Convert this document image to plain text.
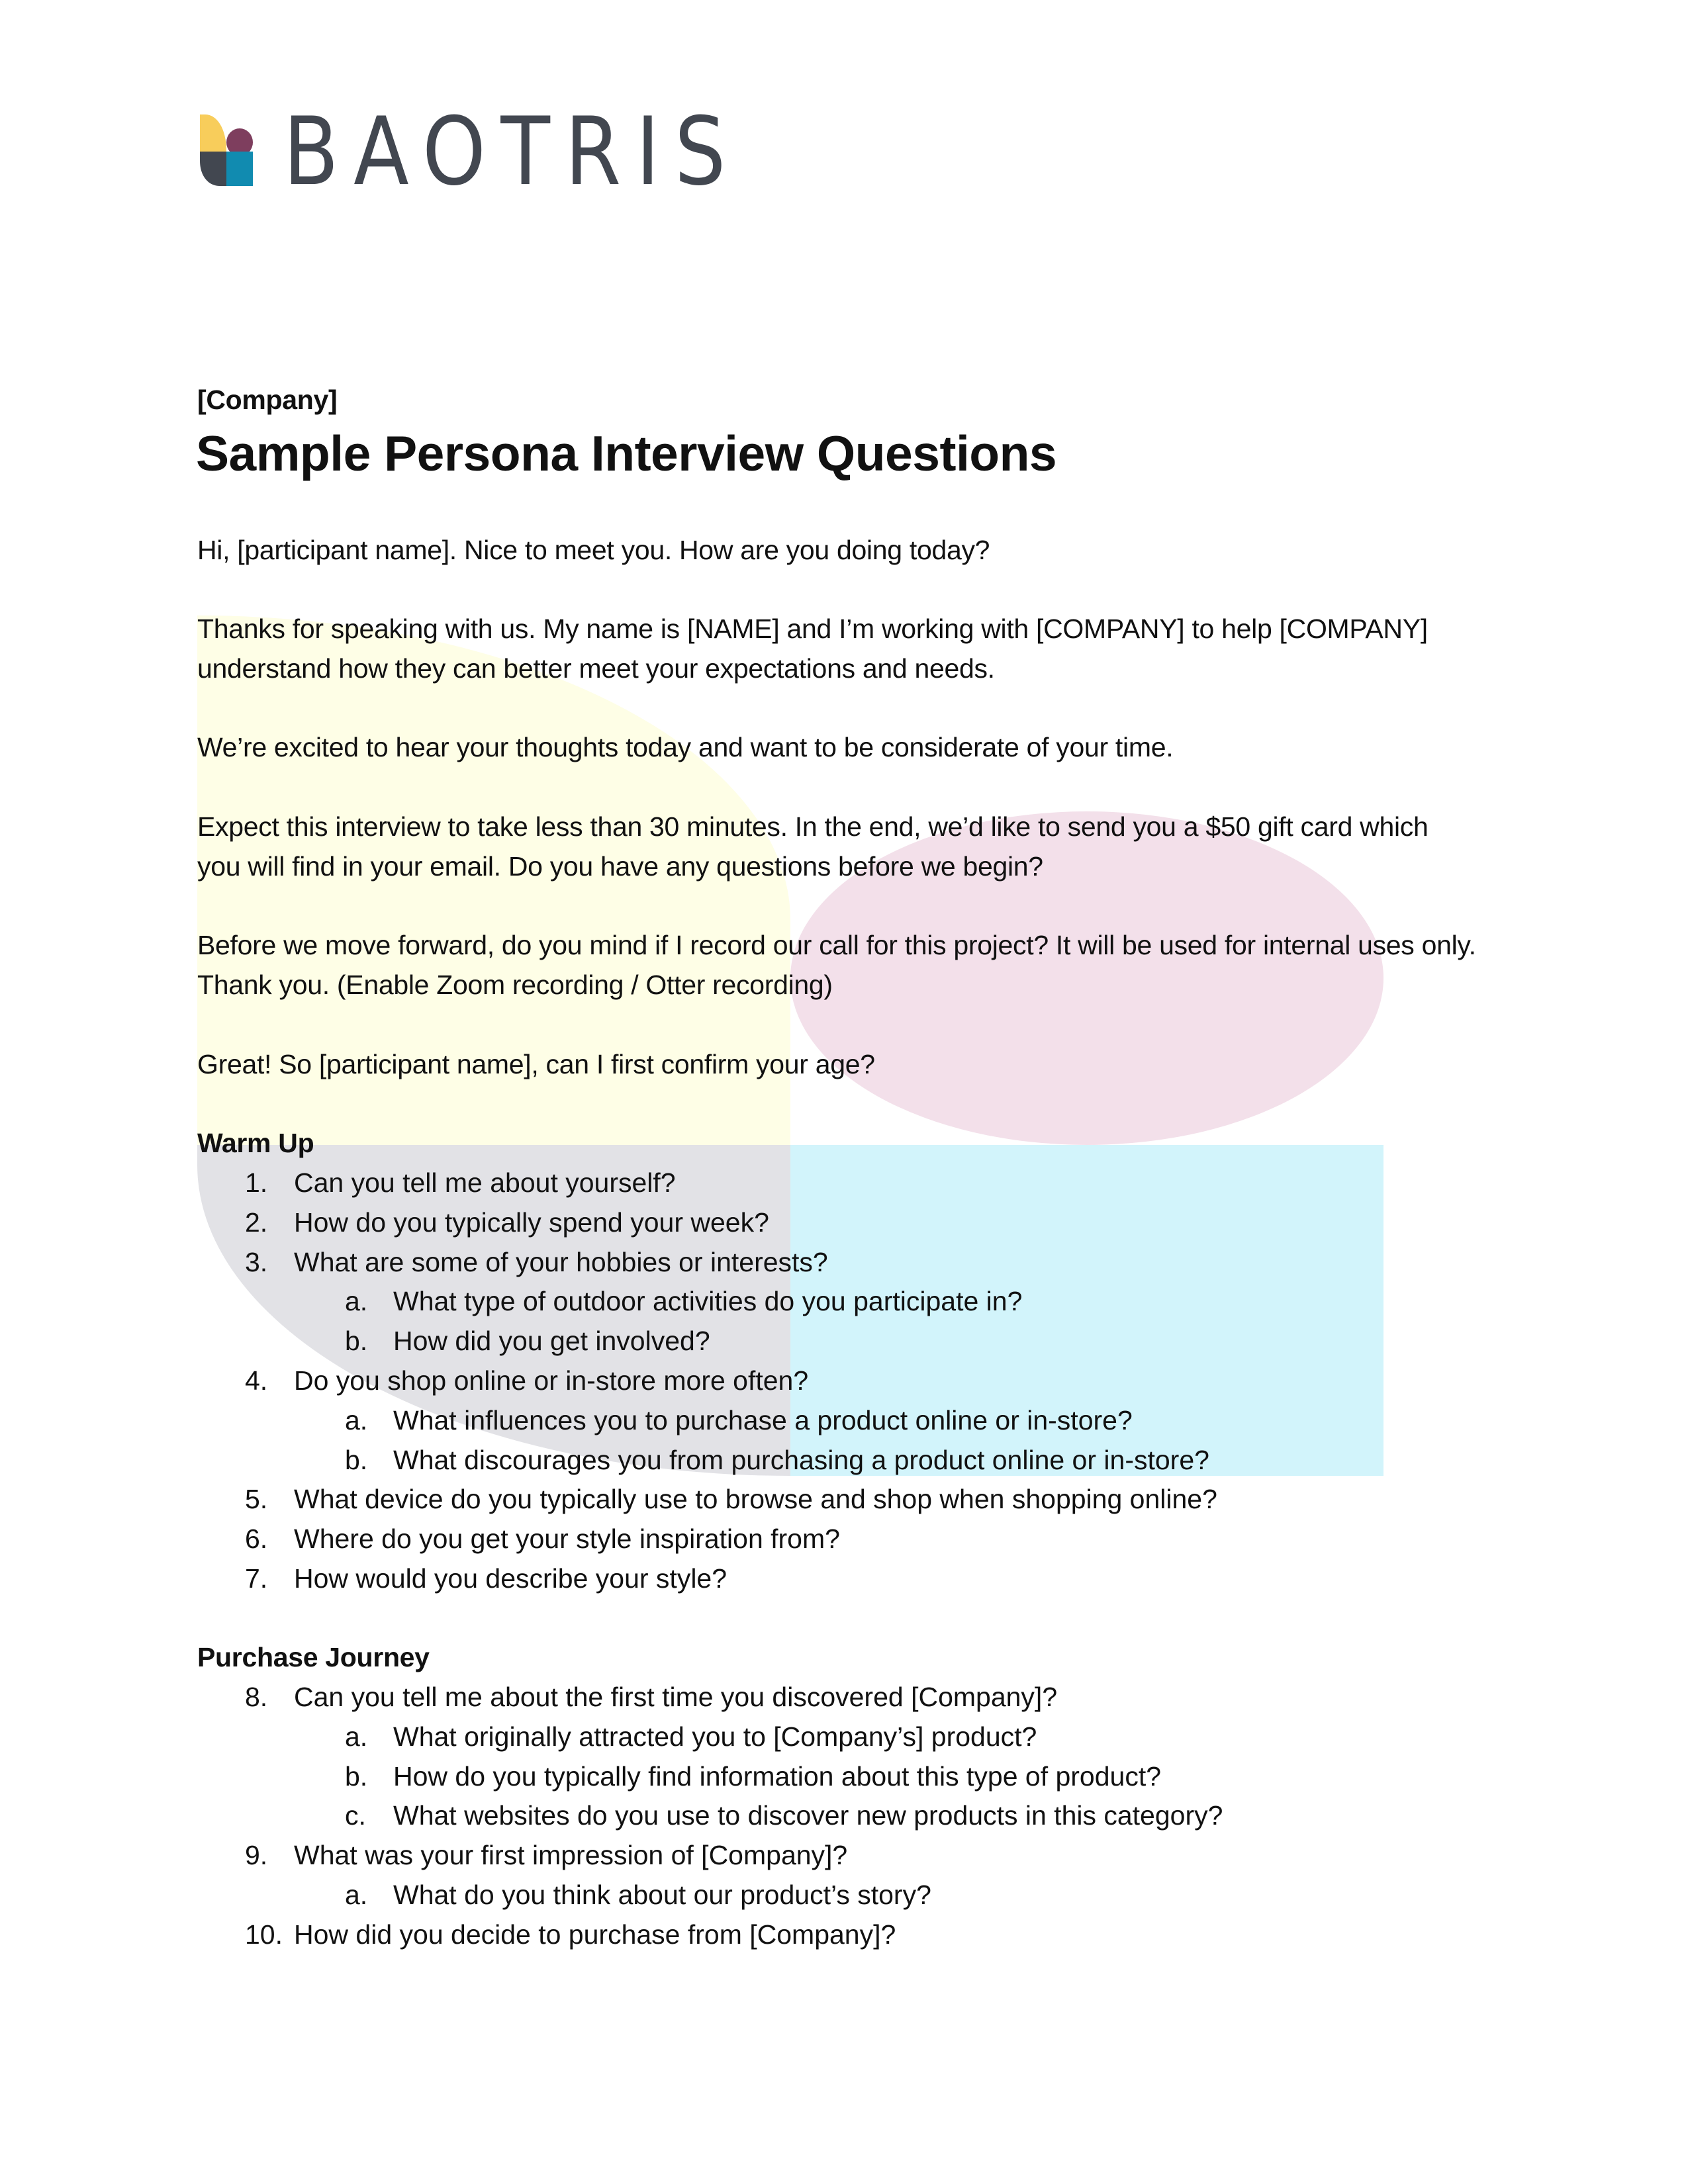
BAOTRIS
[Company]
Sample Persona Interview Questions
Hi, [participant name]. Nice to meet you. How are you doing today?
Thanks for speaking with us. My name is [NAME] and I’m working with [COMPANY] to help [COMPANY]
understand how they can better meet your expectations and needs.
We’re excited to hear your thoughts today and want to be considerate of your time.
Expect this interview to take less than 30 minutes. In the end, we’d like to send you a $50 gift card which
you will find in your email. Do you have any questions before we begin?
Before we move forward, do you mind if I record our call for this project? It will be used for internal uses only.
Thank you. (Enable Zoom recording / Otter recording)
Great! So [participant name], can I first confirm your age?
Warm Up
1. Can you tell me about yourself?
2. How do you typically spend your week?
3. What are some of your hobbies or interests?
a. What type of outdoor activities do you participate in?
b. How did you get involved?
4. Do you shop online or in-store more often?
a. What influences you to purchase a product online or in-store?
b. What discourages you from purchasing a product online or in-store?
5. What device do you typically use to browse and shop when shopping online?
6. Where do you get your style inspiration from?
7. How would you describe your style?
Purchase Journey
8. Can you tell me about the first time you discovered [Company]?
a. What originally attracted you to [Company’s] product?
b. How do you typically find information about this type of product?
c. What websites do you use to discover new products in this category?
9. What was your first impression of [Company]?
a. What do you think about our product’s story?
10. How did you decide to purchase from [Company]?
